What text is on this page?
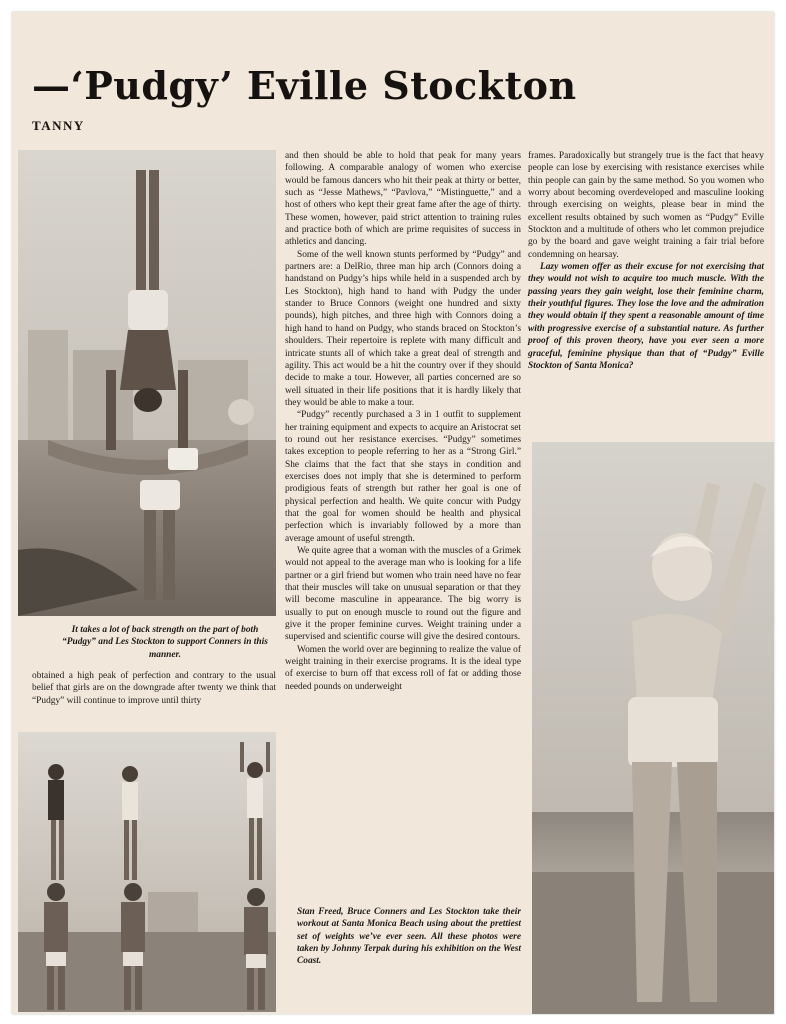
—‘Pudgy’ Eville Stockton
TANNY
It takes a lot of back strength on the part of both “Pudgy” and Les Stockton to support Conners in this manner.

obtained a high peak of perfection and contrary to the usual belief that girls are on the downgrade after twenty we think that “Pudgy” will continue to improve until thirty

and then should be able to hold that peak for many years following. A comparable analogy of women who exercise would be famous dancers who hit their peak at thirty or better, such as “Jesse Mathews,” “Pavlova,” “Mistinguette,” and a host of others who kept their great fame after the age of thirty. These women, however, paid strict attention to training rules and practice both of which are prime requisites of success in athletics and dancing.

Some of the well known stunts performed by “Pudgy” and partners are: a DelRio, three man hip arch (Connors doing a handstand on Pudgy’s hips while held in a suspended arch by Les Stockton), high hand to hand with Pudgy the under stander to Bruce Connors (weight one hundred and sixty pounds), high pitches, and three high with Connors doing a high hand to hand on Pudgy, who stands braced on Stockton’s shoulders. Their repertoire is replete with many difficult and intricate stunts all of which take a great deal of strength and agility. This act would be a hit the country over if they should decide to make a tour. However, all parties concerned are so well situated in their life positions that it is hardly likely that they would be able to make a tour.

“Pudgy” recently purchased a 3 in 1 outfit to supplement her training equipment and expects to acquire an Aristocrat set to round out her resistance exercises. “Pudgy” sometimes takes exception to people referring to her as a “Strong Girl.” She claims that the fact that she stays in condition and exercises does not imply that she is determined to perform prodigious feats of strength but rather her goal is one of physical perfection and health. We quite concur with Pudgy that the goal for women should be health and physical perfection which is invariably followed by a more than average amount of useful strength.

We quite agree that a woman with the muscles of a Grimek would not appeal to the average man who is looking for a life partner or a girl friend but women who train need have no fear that their muscles will take on unusual separation or that they will become masculine in appearance. The big worry is usually to put on enough muscle to round out the figure and give it the proper feminine curves. Weight training under a supervised and scientific course will give the desired contours.

Women the world over are beginning to realize the value of weight training in their exercise programs. It is the ideal type of exercise to burn off that excess roll of fat or adding those needed pounds on underweight

Stan Freed, Bruce Conners and Les Stockton take their workout at Santa Monica Beach using about the prettiest set of weights we’ve ever seen. All these photos were taken by Johnny Terpak during his exhibition on the West Coast.

frames. Paradoxically but strangely true is the fact that heavy people can lose by exercising with resistance exercises while thin people can gain by the same method. So you women who worry about becoming overdeveloped and masculine looking through exercising on weights, please bear in mind the excellent results obtained by such women as “Pudgy” Eville Stockton and a multitude of others who let common prejudice go by the board and gave weight training a fair trial before condemning on hearsay.

Lazy women offer as their excuse for not exercising that they would not wish to acquire too much muscle. With the passing years they gain weight, lose their feminine charm, their youthful figures. They lose the love and the admiration they would obtain if they spent a reasonable amount of time with progressive exercise of a substantial nature. As further proof of this proven theory, have you ever seen a more graceful, feminine physique than that of “Pudgy” Eville Stockton of Santa Monica?
